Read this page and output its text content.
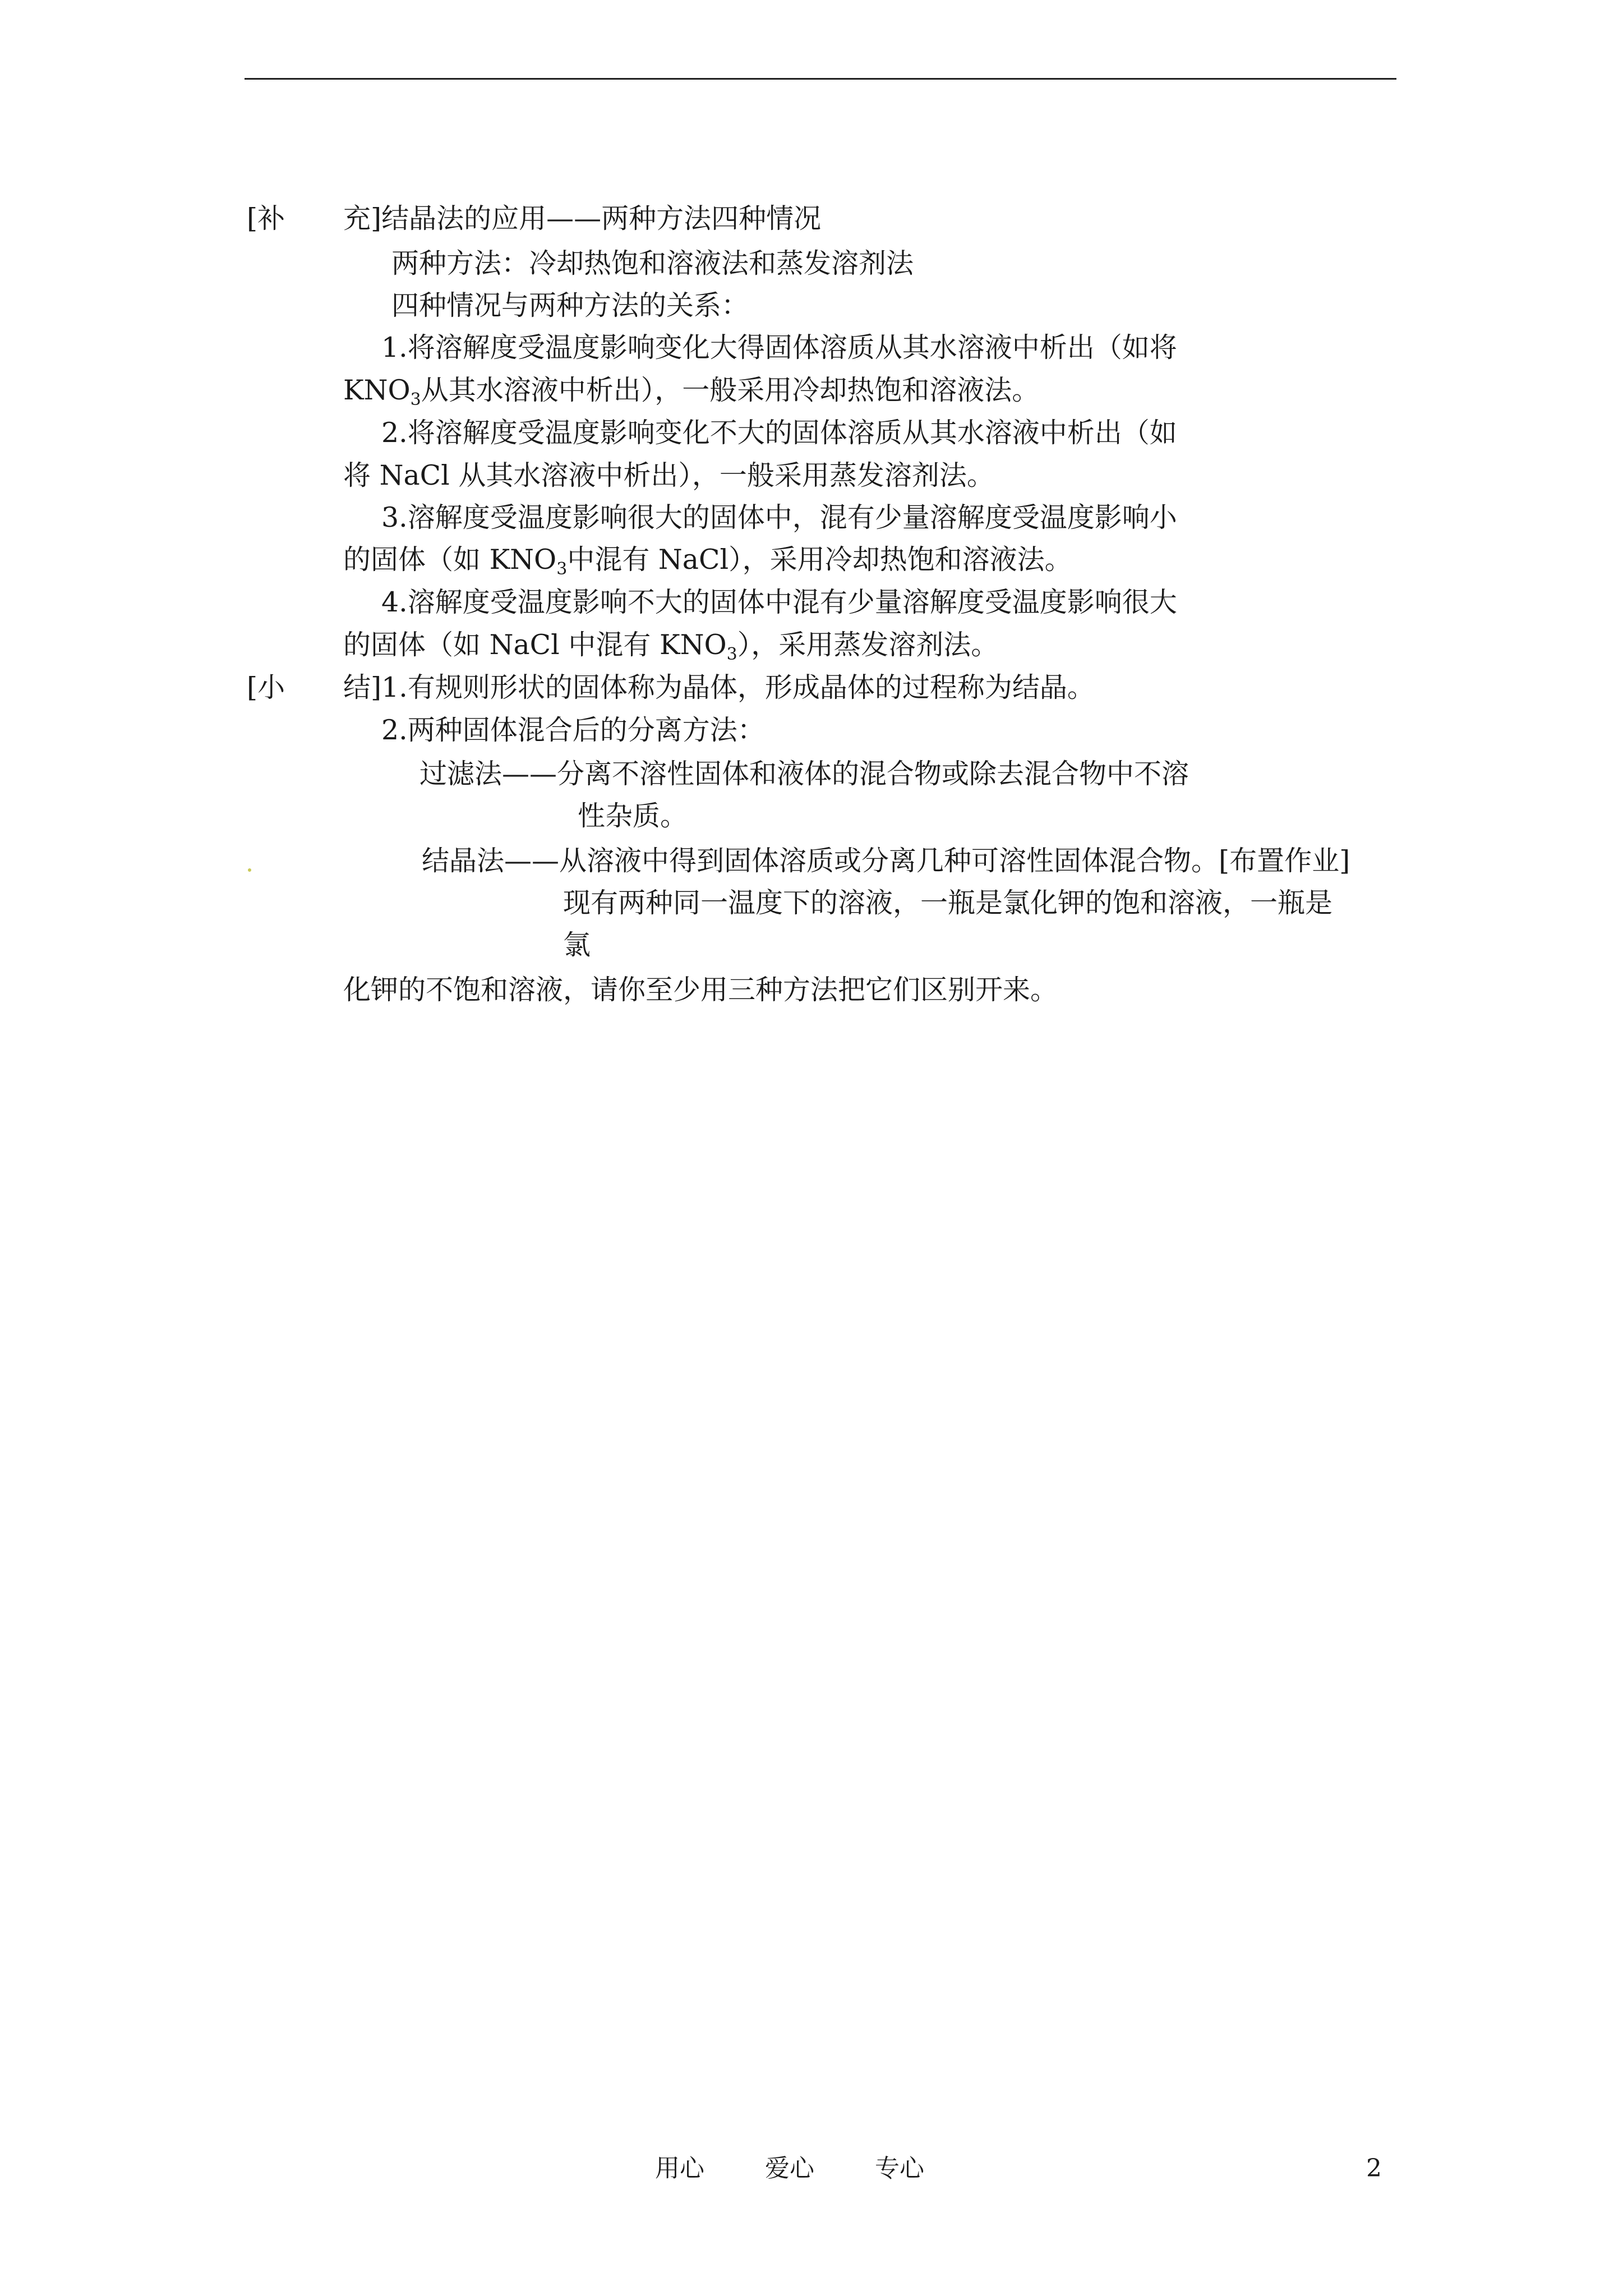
[补 充]结晶法的应用——两种方法四种情况
两种方法：冷却热饱和溶液法和蒸发溶剂法
四种情况与两种方法的关系：
1.将溶解度受温度影响变化大得固体溶质从其水溶液中析出（如将
$KNO_3$从其水溶液中析出），一般采用冷却热饱和溶液法。
2.将溶解度受温度影响变化不大的固体溶质从其水溶液中析出（如
将 NaCl 从其水溶液中析出），一般采用蒸发溶剂法。
3.溶解度受温度影响很大的固体中，混有少量溶解度受温度影响小
的固体（如 $KNO_3$中混有 NaCl），采用冷却热饱和溶液法。
4.溶解度受温度影响不大的固体中混有少量溶解度受温度影响很大
的固体（如 NaCl 中混有 $KNO_3$），采用蒸发溶剂法。
[小 结]1.有规则形状的固体称为晶体，形成晶体的过程称为结晶。
2.两种固体混合后的分离方法：
过滤法——分离不溶性固体和液体的混合物或除去混合物中不溶
性杂质。
结晶法——从溶液中得到固体溶质或分离几种可溶性固体混合物。[布置作业]
现有两种同一温度下的溶液，一瓶是氯化钾的饱和溶液，一瓶是
氯
化钾的不饱和溶液，请你至少用三种方法把它们区别开来。
用心 爱心 专心	2
